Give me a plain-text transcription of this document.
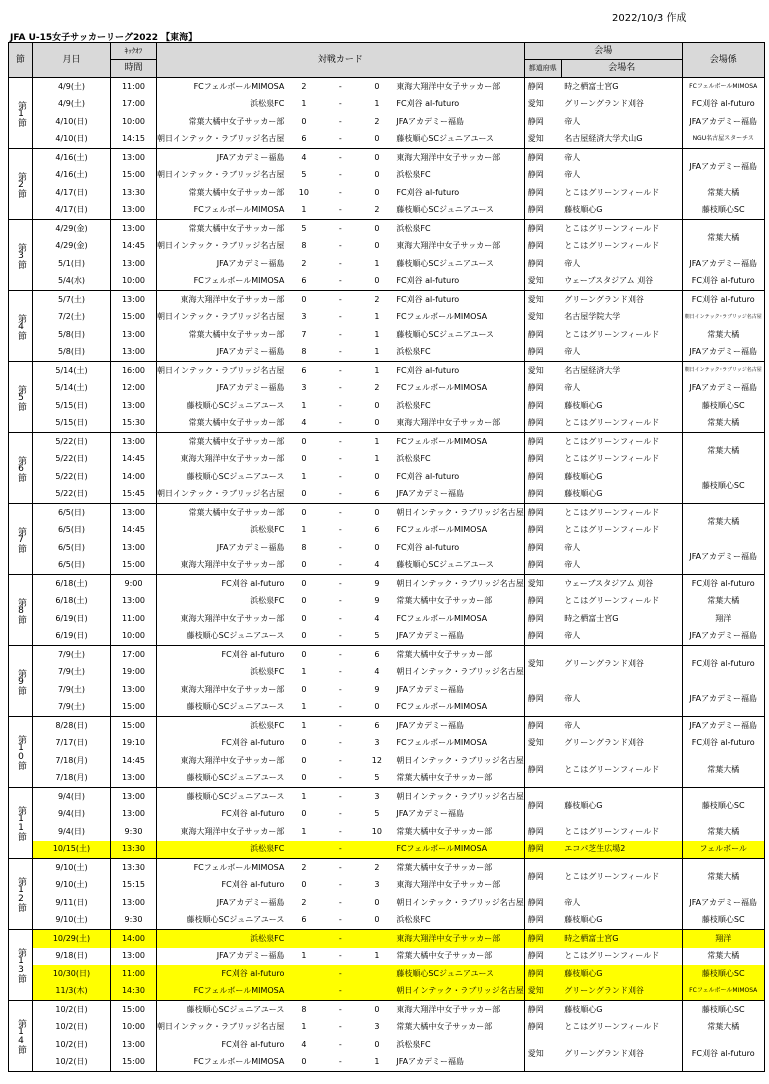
2022/10/3 作成
JFA U-15女子サッカーリーグ2022 【東海】
節	月日	ｷｯｸｵﾌ	対戦カード					会場		会場係
		時間						都道府県	会場名	
第1節	4/9(土)	11:00	FCフェルボールMIMOSA	2	-	0	東海大翔洋中女子サッカー部	静岡	時之栖富士宮G	FCフェルボールMIMOSA
	4/9(土)	17:00	浜松泉FC	1	-	1	FC刈谷 al-futuro	愛知	グリーングランド刈谷	FC刈谷 al-futuro
	4/10(日)	10:00	常葉大橘中女子サッカー部	0	-	2	JFAアカデミー福島	静岡	帝人	JFAアカデミー福島
	4/10(日)	14:15	朝日インテック・ラブリッジ名古屋	6	-	0	藤枝順心SCジュニアユース	愛知	名古屋経済大学犬山G	NGU名古屋スターチス
第2節	4/16(土)	13:00	JFAアカデミー福島	4	-	0	東海大翔洋中女子サッカー部	静岡	帝人	JFAアカデミー福島
	4/16(土)	15:00	朝日インテック・ラブリッジ名古屋	5	-	0	浜松泉FC	静岡	帝人	
	4/17(日)	13:30	常葉大橘中女子サッカー部	10	-	0	FC刈谷 al-futuro	静岡	とこはグリーンフィールド	常葉大橘
	4/17(日)	13:00	FCフェルボールMIMOSA	1	-	2	藤枝順心SCジュニアユース	静岡	藤枝順心G	藤枝順心SC
第3節	4/29(金)	13:00	常葉大橘中女子サッカー部	5	-	0	浜松泉FC	静岡	とこはグリーンフィールド	常葉大橘
	4/29(金)	14:45	朝日インテック・ラブリッジ名古屋	8	-	0	東海大翔洋中女子サッカー部	静岡	とこはグリーンフィールド	
	5/1(日)	13:00	JFAアカデミー福島	2	-	1	藤枝順心SCジュニアユース	静岡	帝人	JFAアカデミー福島
	5/4(水)	10:00	FCフェルボールMIMOSA	6	-	0	FC刈谷 al-futuro	愛知	ウェーブスタジアム 刈谷	FC刈谷 al-futuro
第4節	5/7(土)	13:00	東海大翔洋中女子サッカー部	0	-	2	FC刈谷 al-futuro	愛知	グリーングランド刈谷	FC刈谷 al-futuro
	7/2(土)	15:00	朝日インテック・ラブリッジ名古屋	3	-	1	FCフェルボールMIMOSA	愛知	名古屋学院大学	朝日インテック･ラブリッジ名古屋
	5/8(日)	13:00	常葉大橘中女子サッカー部	7	-	1	藤枝順心SCジュニアユース	静岡	とこはグリーンフィールド	常葉大橘
	5/8(日)	13:00	JFAアカデミー福島	8	-	1	浜松泉FC	静岡	帝人	JFAアカデミー福島
第5節	5/14(土)	16:00	朝日インテック・ラブリッジ名古屋	6	-	1	FC刈谷 al-futuro	愛知	名古屋経済大学	朝日インテック･ラブリッジ名古屋
	5/14(土)	12:00	JFAアカデミー福島	3	-	2	FCフェルボールMIMOSA	静岡	帝人	JFAアカデミー福島
	5/15(日)	13:00	藤枝順心SCジュニアユース	1	-	0	浜松泉FC	静岡	藤枝順心G	藤枝順心SC
	5/15(日)	15:30	常葉大橘中女子サッカー部	4	-	0	東海大翔洋中女子サッカー部	静岡	とこはグリーンフィールド	常葉大橘
第6節	5/22(日)	13:00	常葉大橘中女子サッカー部	0	-	1	FCフェルボールMIMOSA	静岡	とこはグリーンフィールド	常葉大橘
	5/22(日)	14:45	東海大翔洋中女子サッカー部	0	-	1	浜松泉FC	静岡	とこはグリーンフィールド	
	5/22(日)	14:00	藤枝順心SCジュニアユース	1	-	0	FC刈谷 al-futuro	静岡	藤枝順心G	藤枝順心SC
	5/22(日)	15:45	朝日インテック・ラブリッジ名古屋	0	-	6	JFAアカデミー福島	静岡	藤枝順心G	
第7節	6/5(日)	13:00	常葉大橘中女子サッカー部	0	-	0	朝日インテック・ラブリッジ名古屋	静岡	とこはグリーンフィールド	常葉大橘
	6/5(日)	14:45	浜松泉FC	1	-	6	FCフェルボールMIMOSA	静岡	とこはグリーンフィールド	
	6/5(日)	13:00	JFAアカデミー福島	8	-	0	FC刈谷 al-futuro	静岡	帝人	JFAアカデミー福島
	6/5(日)	15:00	東海大翔洋中女子サッカー部	0	-	4	藤枝順心SCジュニアユース	静岡	帝人	
第8節	6/18(土)	9:00	FC刈谷 al-futuro	0	-	9	朝日インテック・ラブリッジ名古屋	愛知	ウェーブスタジアム 刈谷	FC刈谷 al-futuro
	6/18(土)	13:00	浜松泉FC	0	-	9	常葉大橘中女子サッカー部	静岡	とこはグリーンフィールド	常葉大橘
	6/19(日)	11:00	東海大翔洋中女子サッカー部	0	-	4	FCフェルボールMIMOSA	静岡	時之栖富士宮G	翔洋
	6/19(日)	10:00	藤枝順心SCジュニアユース	0	-	5	JFAアカデミー福島	静岡	帝人	JFAアカデミー福島
第9節	7/9(土)	17:00	FC刈谷 al-futuro	0	-	6	常葉大橘中女子サッカー部	愛知	グリーングランド刈谷	FC刈谷 al-futuro
	7/9(土)	19:00	浜松泉FC	1	-	4	朝日インテック・ラブリッジ名古屋			
	7/9(土)	13:00	東海大翔洋中女子サッカー部	0	-	9	JFAアカデミー福島	静岡	帝人	JFAアカデミー福島
	7/9(土)	15:00	藤枝順心SCジュニアユース	1	-	0	FCフェルボールMIMOSA			
第10節	8/28(日)	15:00	浜松泉FC	1	-	6	JFAアカデミー福島	静岡	帝人	JFAアカデミー福島
	7/17(日)	19:10	FC刈谷 al-futuro	0	-	3	FCフェルボールMIMOSA	愛知	グリーングランド刈谷	FC刈谷 al-futuro
	7/18(月)	14:45	東海大翔洋中女子サッカー部	0	-	12	朝日インテック・ラブリッジ名古屋	静岡	とこはグリーンフィールド	常葉大橘
	7/18(月)	13:00	藤枝順心SCジュニアユース	0	-	5	常葉大橘中女子サッカー部			
第11節	9/4(日)	13:00	藤枝順心SCジュニアユース	1	-	3	朝日インテック・ラブリッジ名古屋	静岡	藤枝順心G	藤枝順心SC
	9/4(日)	13:00	FC刈谷 al-futuro	0	-	5	JFAアカデミー福島			
	9/4(日)	9:30	東海大翔洋中女子サッカー部	1	-	10	常葉大橘中女子サッカー部	静岡	とこはグリーンフィールド	常葉大橘
	10/15(土)	13:30	浜松泉FC		-		FCフェルボールMIMOSA	静岡	エコパ芝生広場2	フェルボール
第12節	9/10(土)	13:30	FCフェルボールMIMOSA	2	-	2	常葉大橘中女子サッカー部	静岡	とこはグリーンフィールド	常葉大橘
	9/10(土)	15:15	FC刈谷 al-futuro	0	-	3	東海大翔洋中女子サッカー部			
	9/11(日)	13:00	JFAアカデミー福島	2	-	0	朝日インテック・ラブリッジ名古屋	静岡	帝人	JFAアカデミー福島
	9/10(土)	9:30	藤枝順心SCジュニアユース	6	-	0	浜松泉FC	静岡	藤枝順心G	藤枝順心SC
第13節	10/29(土)	14:00	浜松泉FC		-		東海大翔洋中女子サッカー部	静岡	時之栖富士宮G	翔洋
	9/18(日)	13:00	JFAアカデミー福島	1	-	1	常葉大橘中女子サッカー部	静岡	とこはグリーンフィールド	常葉大橘
	10/30(日)	11:00	FC刈谷 al-futuro		-		藤枝順心SCジュニアユース	静岡	藤枝順心G	藤枝順心SC
	11/3(木)	14:30	FCフェルボールMIMOSA		-		朝日インテック・ラブリッジ名古屋	愛知	グリーングランド刈谷	FCフェルボールMIMOSA
第14節	10/2(日)	15:00	藤枝順心SCジュニアユース	8	-	0	東海大翔洋中女子サッカー部	静岡	藤枝順心G	藤枝順心SC
	10/2(日)	10:00	朝日インテック・ラブリッジ名古屋	1	-	3	常葉大橘中女子サッカー部	静岡	とこはグリーンフィールド	常葉大橘
	10/2(日)	13:00	FC刈谷 al-futuro	4	-	0	浜松泉FC	愛知	グリーングランド刈谷	FC刈谷 al-futuro
	10/2(日)	15:00	FCフェルボールMIMOSA	0	-	1	JFAアカデミー福島			
